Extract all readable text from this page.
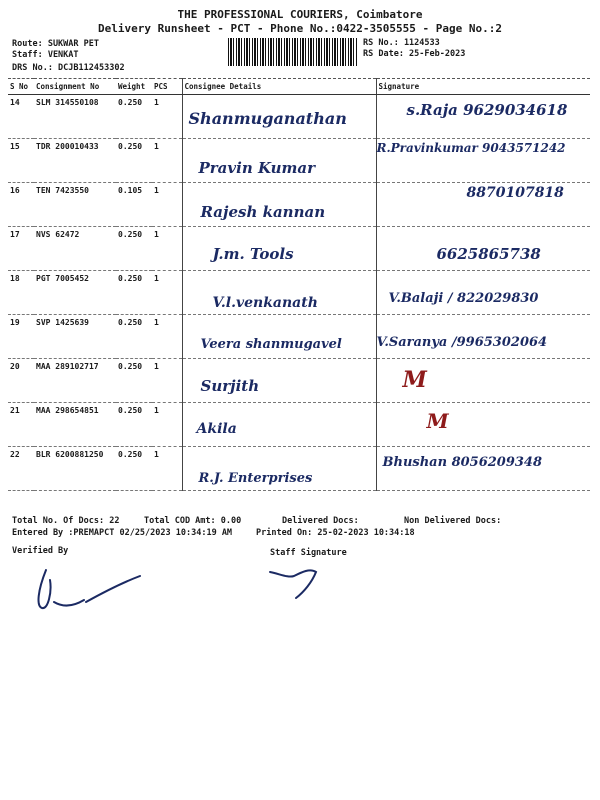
THE PROFESSIONAL COURIERS, Coimbatore
Delivery Runsheet - PCT - Phone No.:0422-3505555 - Page No.:2
Route: SUKWAR PET
Staff: VENKAT
DRS No.: DCJB112453302
RS No.: 1124533
RS Date: 25-Feb-2023
S No	Consignment No	Weight	PCS	Consignee Details	Signature
14	SLM 314550108	0.250	1	Shanmuganathan	s.Raja 9629034618

15	TDR 200010433	0.250	1	Pravin Kumar	R.Pravinkumar 9043571242

16	TEN 7423550	0.105	1	Rajesh kannan	8870107818

17	NVS 62472	0.250	1	J.m. Tools	6625865738

18	PGT 7005452	0.250	1	V.l.venkanath	V.Balaji / 822029830

19	SVP 1425639	0.250	1	Veera shanmugavel	V.Saranya /9965302064

20	MAA 289102717	0.250	1	Surjith	M

21	MAA 298654851	0.250	1	Akila	M

22	BLR 6200881250	0.250	1	R.J. Enterprises	Bhushan 8056209348
Total No. Of Docs: 22	Total COD Amt: 0.00	Delivered Docs:	Non Delivered Docs:
Entered By :PREMAPCT 02/25/2023 10:34:19 AM	Printed On: 25-02-2023 10:34:18
Verified By	Staff Signature
